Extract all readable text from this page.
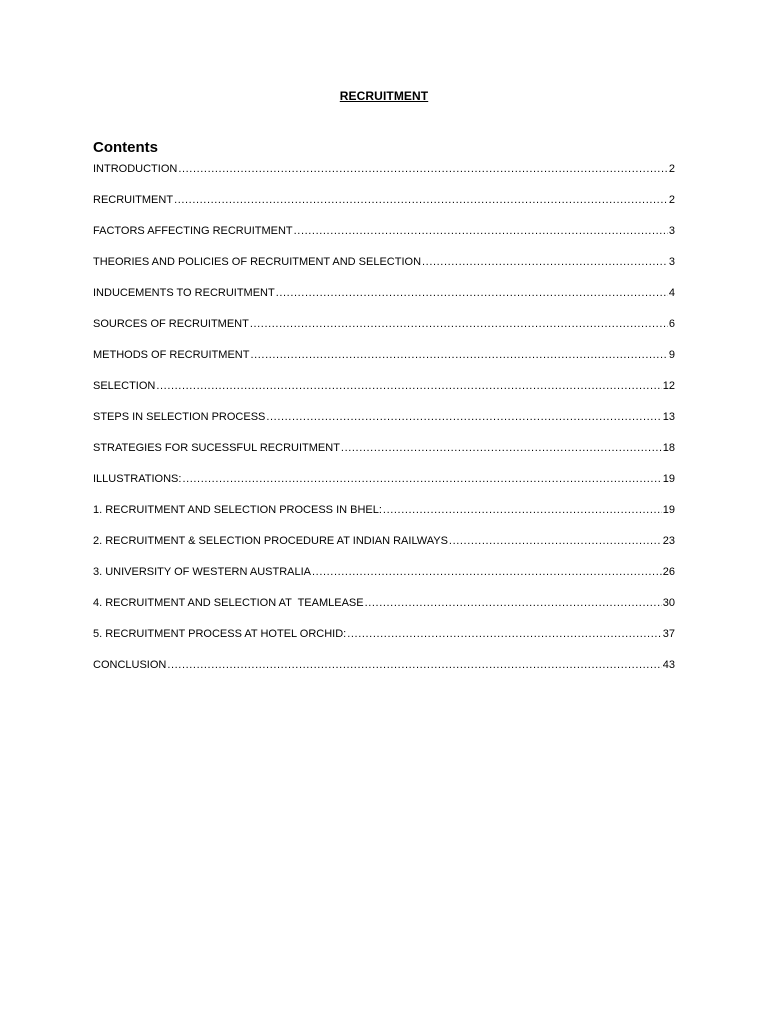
RECRUITMENT
Contents
INTRODUCTION .....	2
RECRUITMENT .....	2
FACTORS AFFECTING RECRUITMENT .....	3
THEORIES AND POLICIES OF RECRUITMENT AND SELECTION .....	3
INDUCEMENTS TO RECRUITMENT .....	4
SOURCES OF RECRUITMENT .....	6
METHODS OF RECRUITMENT .....	9
SELECTION .....	12
STEPS IN SELECTION PROCESS .....	13
STRATEGIES FOR SUCESSFUL RECRUITMENT .....	18
ILLUSTRATIONS: .....	19
1. RECRUITMENT AND SELECTION PROCESS IN BHEL: .....	19
2. RECRUITMENT & SELECTION PROCEDURE AT INDIAN RAILWAYS .....	23
3. UNIVERSITY OF WESTERN AUSTRALIA .....	26
4. RECRUITMENT AND SELECTION AT  TEAMLEASE .....	30
5. RECRUITMENT PROCESS AT HOTEL ORCHID: .....	37
CONCLUSION .....	43
